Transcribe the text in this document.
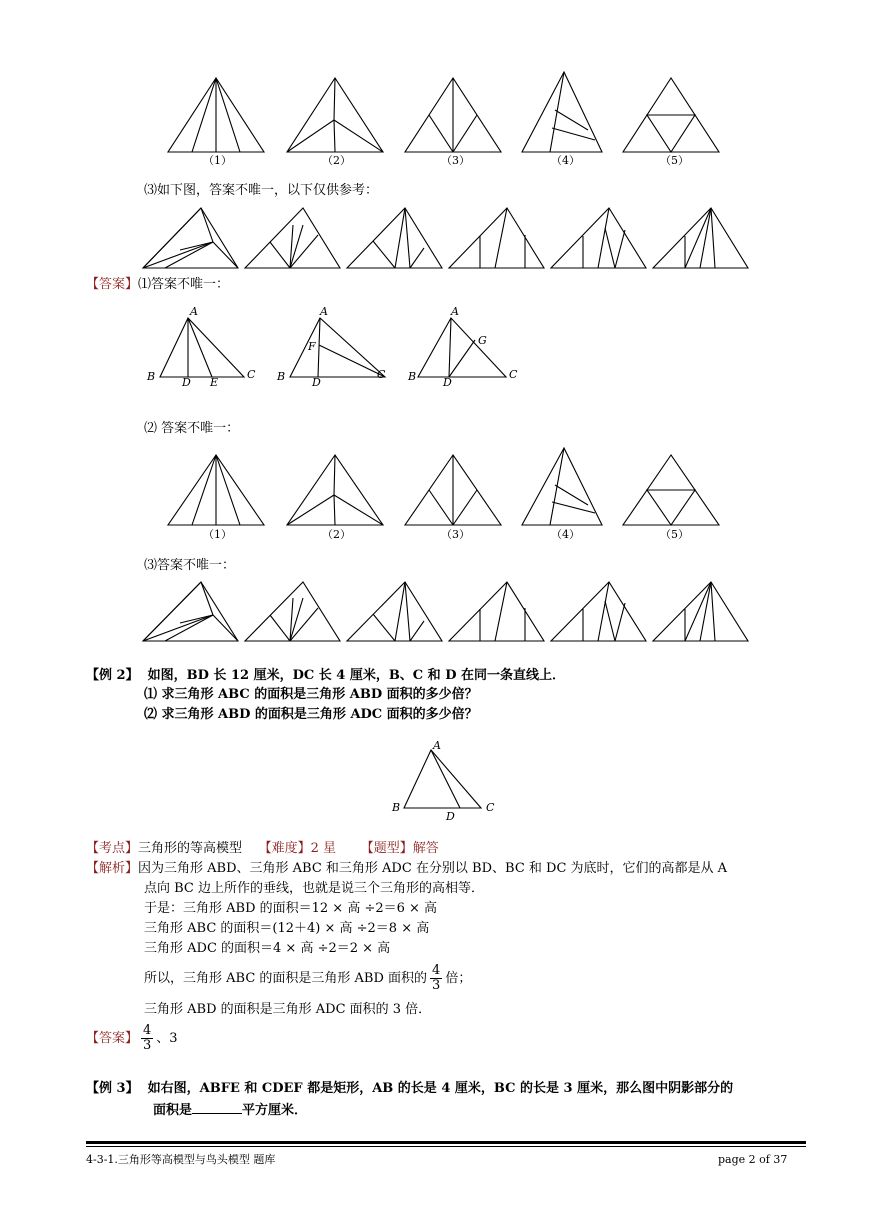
（1）	（2）	（3）	（4）	（5）
⑶如下图，答案不唯一，以下仅供参考：
【答案】⑴答案不唯一：
A
B D E
C
A
F
B D
C
A
G
B D
C
⑵ 答案不唯一：
（1）	（2）	（3）	（4）	（5）
⑶答案不唯一：
【例 2】 如图，BD 长 12 厘米，DC 长 4 厘米，B、C 和 D 在同一条直线上．
⑴ 求三角形 ABC 的面积是三角形 ABD 面积的多少倍？
⑵ 求三角形 ABD 的面积是三角形 ADC 面积的多少倍？
A
B	C
D
【考点】三角形的等高模型 【难度】2 星 【题型】解答
【解析】因为三角形 ABD、三角形 ABC 和三角形 ADC 在分别以 BD、BC 和 DC 为底时，它们的高都是从 A
点向 BC 边上所作的垂线，也就是说三个三角形的高相等．
于是：三角形 ABD 的面积＝12 × 高 ÷2＝6 × 高
三角形 ABC 的面积＝(12＋4) × 高 ÷2＝8 × 高
三角形 ADC 的面积＝4 × 高 ÷2＝2 × 高
所以，三角形 ABC 的面积是三角形 ABD 面积的 $\frac{4}{3}$ 倍；
三角形 ABD 的面积是三角形 ADC 面积的 3 倍．
【答案】 $\frac{4}{3}$ 、3
【例 3】 如右图，ABFE 和 CDEF 都是矩形，AB 的长是 4 厘米，BC 的长是 3 厘米，那么图中阴影部分的
面积是	平方厘米．
4-3-1.三角形等高模型与鸟头模型 题库	page 2 of 37
